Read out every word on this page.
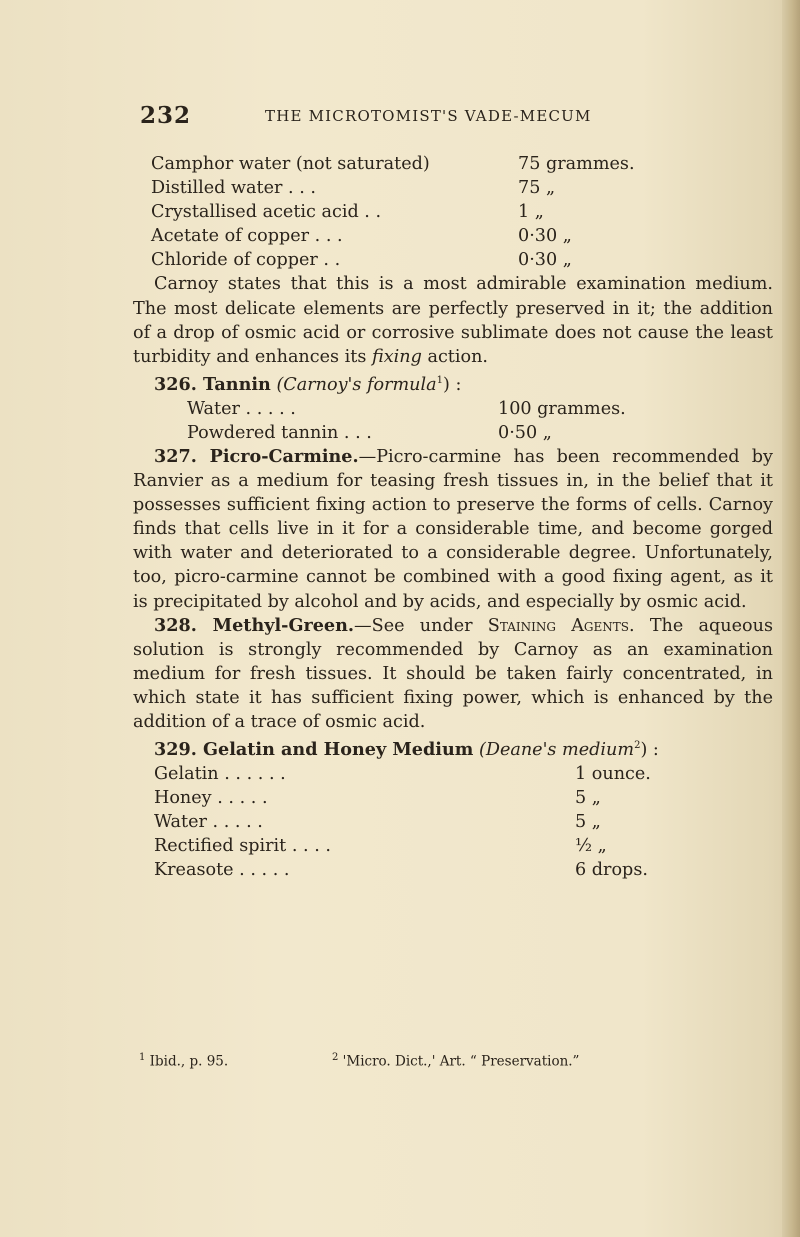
232	THE MICROTOMIST'S VADE-MECUM
Camphor water (not saturated)	75 grammes.
Distilled water . . .	75 „
Crystallised acetic acid . .	1 „
Acetate of copper . . .	0·30 „
Chloride of copper . .	0·30 „

Carnoy states that this is a most admirable examination medium. The most delicate elements are perfectly preserved in it; the addition of a drop of osmic acid or corrosive sublimate does not cause the least turbidity and enhances its fixing action.

326. Tannin (Carnoy's formula$^1$) :

Water . . . . .	100 grammes.
Powdered tannin . . .	0·50 „

327. Picro-Carmine.—Picro-carmine has been recommended by Ranvier as a medium for teasing fresh tissues in, in the belief that it possesses sufficient fixing action to preserve the forms of cells. Carnoy finds that cells live in it for a considerable time, and become gorged with water and deteriorated to a considerable degree. Unfortunately, too, picro-carmine cannot be combined with a good fixing agent, as it is precipitated by alcohol and by acids, and especially by osmic acid.

328. Methyl-Green.—See under Staining Agents. The aqueous solution is strongly recommended by Carnoy as an examination medium for fresh tissues. It should be taken fairly concentrated, in which state it has sufficient fixing power, which is enhanced by the addition of a trace of osmic acid.

329. Gelatin and Honey Medium (Deane's medium$^2$) :

Gelatin . . . . . .	1 ounce.
Honey . . . . .	5 „
Water . . . . .	5 „
Rectified spirit . . . .	½ „
Kreasote . . . . .	6 drops.
$^1$ Ibid., p. 95.	$^2$ 'Micro. Dict.,' Art. “ Preservation.”
